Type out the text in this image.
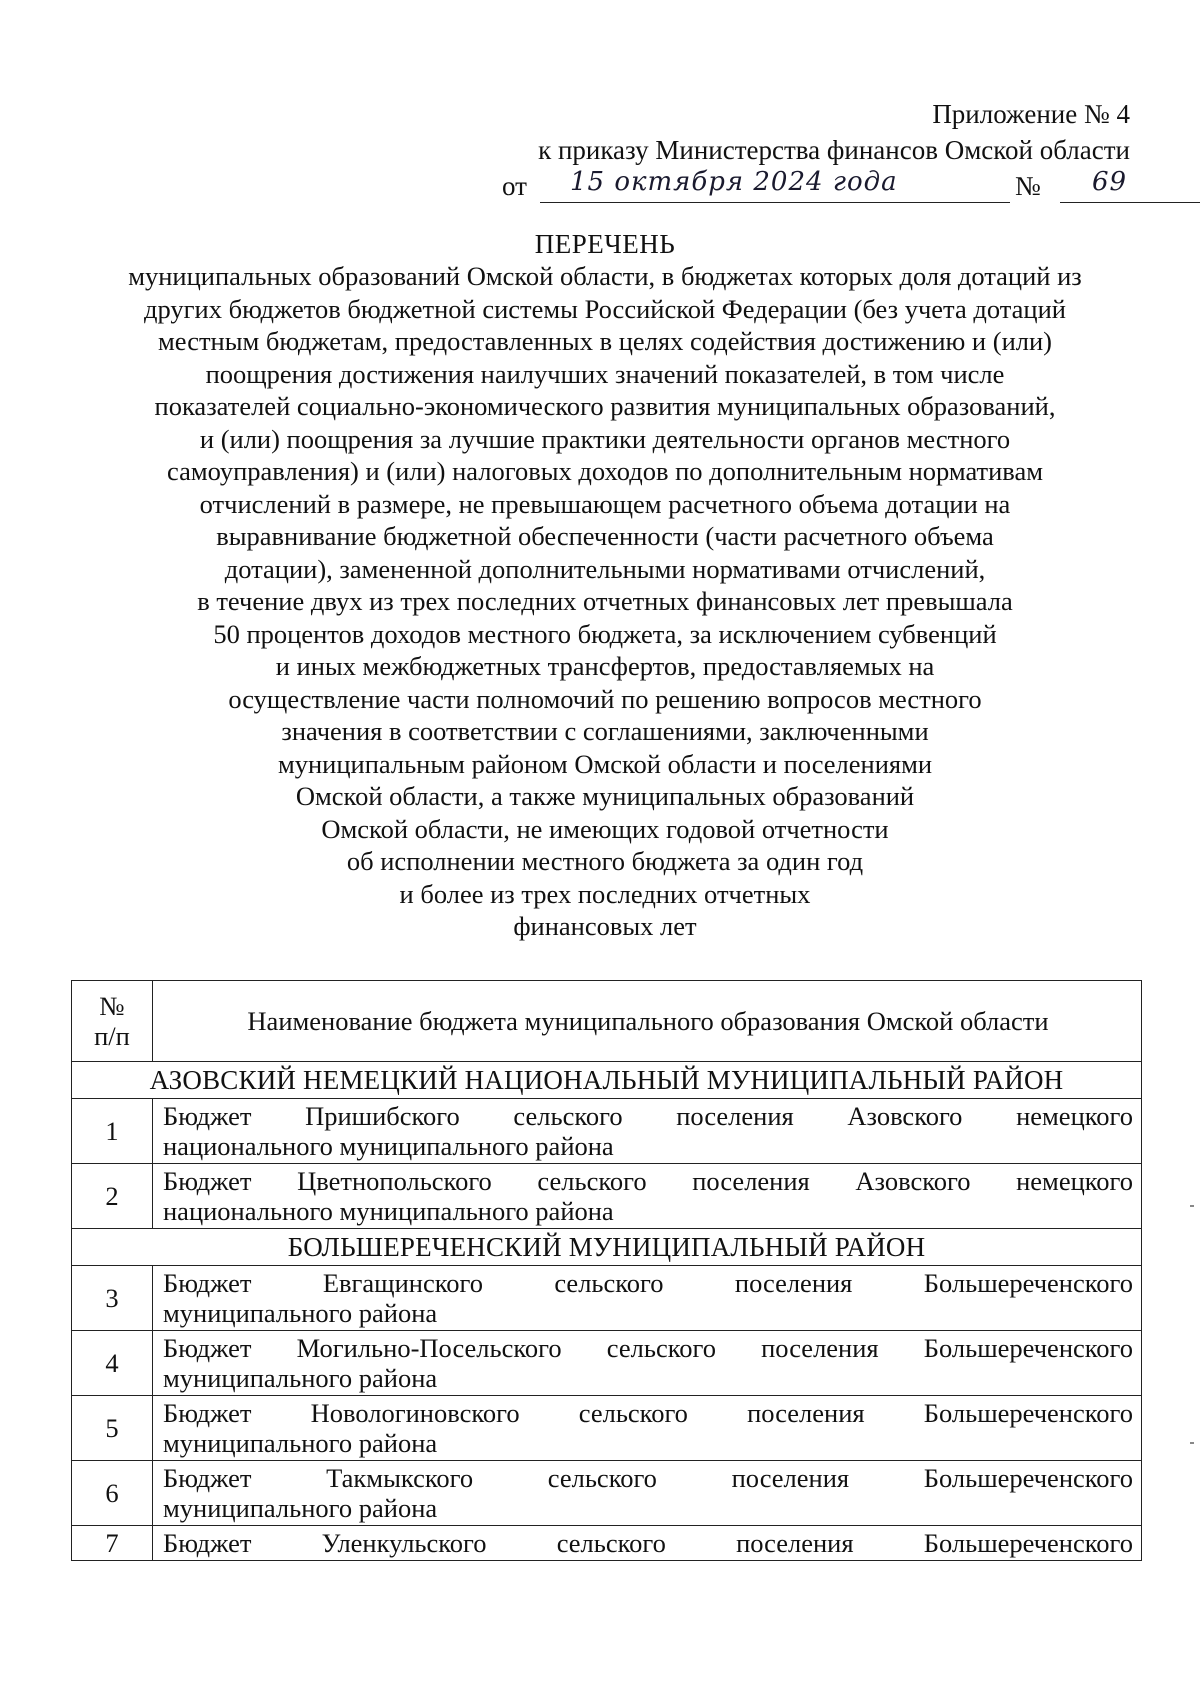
Приложение № 4
к приказу Министерства финансов Омской области
от 15 октября 2024 года	№ 69
ПЕРЕЧЕНЬ
муниципальных образований Омской области, в бюджетах которых доля дотаций из
других бюджетов бюджетной системы Российской Федерации (без учета дотаций
местным бюджетам, предоставленных в целях содействия достижению и (или)
поощрения достижения наилучших значений показателей, в том числе
показателей социально-экономического развития муниципальных образований,
и (или) поощрения за лучшие практики деятельности органов местного
самоуправления) и (или) налоговых доходов по дополнительным нормативам
отчислений в размере, не превышающем расчетного объема дотации на
выравнивание бюджетной обеспеченности (части расчетного объема
дотации), замененной дополнительными нормативами отчислений,
в течение двух из трех последних отчетных финансовых лет превышала
50 процентов доходов местного бюджета, за исключением субвенций
и иных межбюджетных трансфертов, предоставляемых на
осуществление части полномочий по решению вопросов местного
значения в соответствии с соглашениями, заключенными
муниципальным районом Омской области и поселениями
Омской области, а также муниципальных образований
Омской области, не имеющих годовой отчетности
об исполнении местного бюджета за один год
и более из трех последних отчетных
финансовых лет
№
п/п	Наименование бюджета муниципального образования Омской области
АЗОВСКИЙ НЕМЕЦКИЙ НАЦИОНАЛЬНЫЙ МУНИЦИПАЛЬНЫЙ РАЙОН	
1	Бюджет Пришибского сельского поселения Азовского немецкого
национального муниципального района

2	Бюджет Цветнопольского сельского поселения Азовского немецкого
национального муниципального района

БОЛЬШЕРЕЧЕНСКИЙ МУНИЦИПАЛЬНЫЙ РАЙОН	
3	Бюджет Евгащинского сельского поселения Большереченского
муниципального района

4	Бюджет Могильно-Посельского сельского поселения Большереченского
муниципального района

5	Бюджет Новологиновского сельского поселения Большереченского
муниципального района

6	Бюджет Такмыкского сельского поселения Большереченского
муниципального района

7	Бюджет Уленкульского сельского поселения Большереченского
